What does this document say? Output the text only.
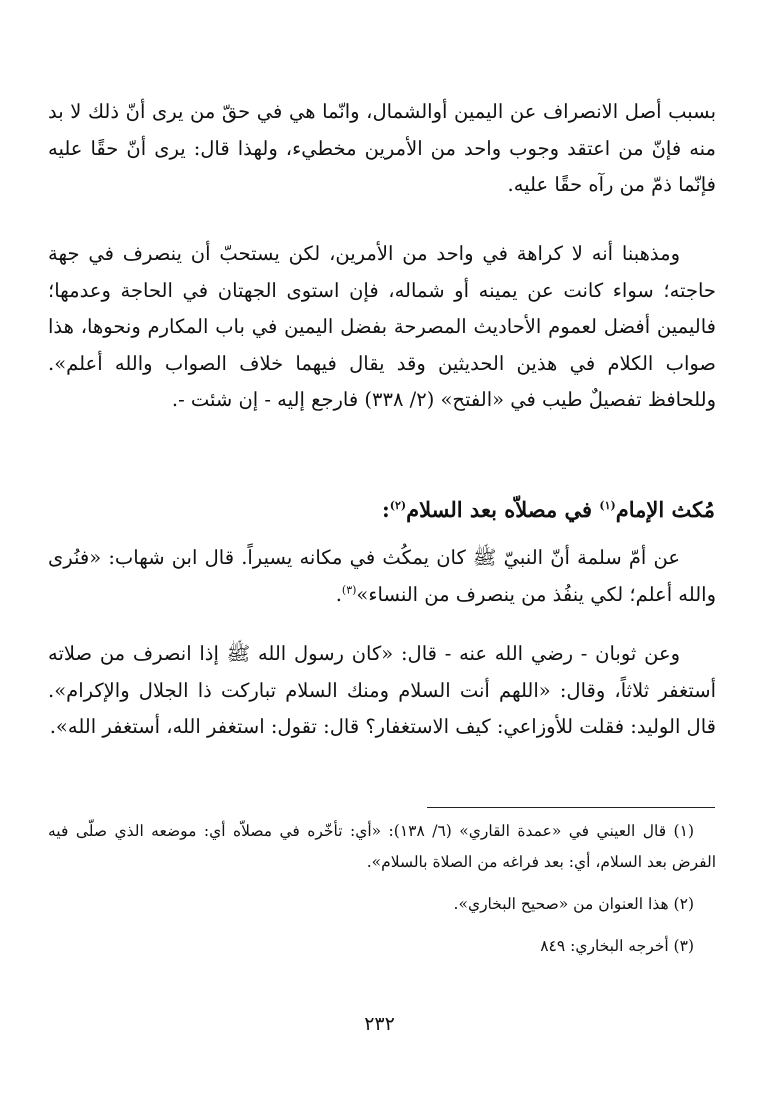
بسبب أصل الانصراف عن اليمين أوالشمال، وانّما هي في حقّ من يرى أنّ ذلك لا بد منه فإنّ من اعتقد وجوب واحد من الأمرين مخطيء، ولهذا قال: يرى أنّ حقًا عليه فإنّما ذمّ من رآه حقًا عليه.

ومذهبنا أنه لا كراهة في واحد من الأمرين، لكن يستحبّ أن ينصرف في جهة حاجته؛ سواء كانت عن يمينه أو شماله، فإن استوى الجهتان في الحاجة وعدمها؛ فاليمين أفضل لعموم الأحاديث المصرحة بفضل اليمين في باب المكارم ونحوها، هذا صواب الكلام في هذين الحديثين وقد يقال فيهما خلاف الصواب والله أعلم». وللحافظ تفصيلٌ طيب في «الفتح» (٢/ ٣٣٨) فارجع إليه - إن شئت -.

مُكث الإمام$^{(١)}$ في مصلاّه بعد السلام$^{(٢)}$:

عن أمّ سلمة أنّ النبيّ ﷺ كان يمكُث في مكانه يسيراً. قال ابن شهاب: «فنُرى والله أعلم؛ لكي ينفُذ من ينصرف من النساء»$^{(٣)}$.

وعن ثوبان - رضي الله عنه - قال: «كان رسول الله ﷺ إذا انصرف من صلاته أستغفر ثلاثاً، وقال: «اللهم أنت السلام ومنك السلام تباركت ذا الجلال والإكرام». قال الوليد: فقلت للأوزاعي: كيف الاستغفار؟ قال: تقول: استغفر الله، أستغفر الله».

(١) قال العيني في «عمدة القاري» (٦/ ١٣٨): «أي: تأخّره في مصلاّه أي: موضعه الذي صلّى فيه الفرض بعد السلام، أي: بعد فراغه من الصلاة بالسلام».

(٢) هذا العنوان من «صحيح البخاري».

(٣) أخرجه البخاري: ٨٤٩

٢٣٢
